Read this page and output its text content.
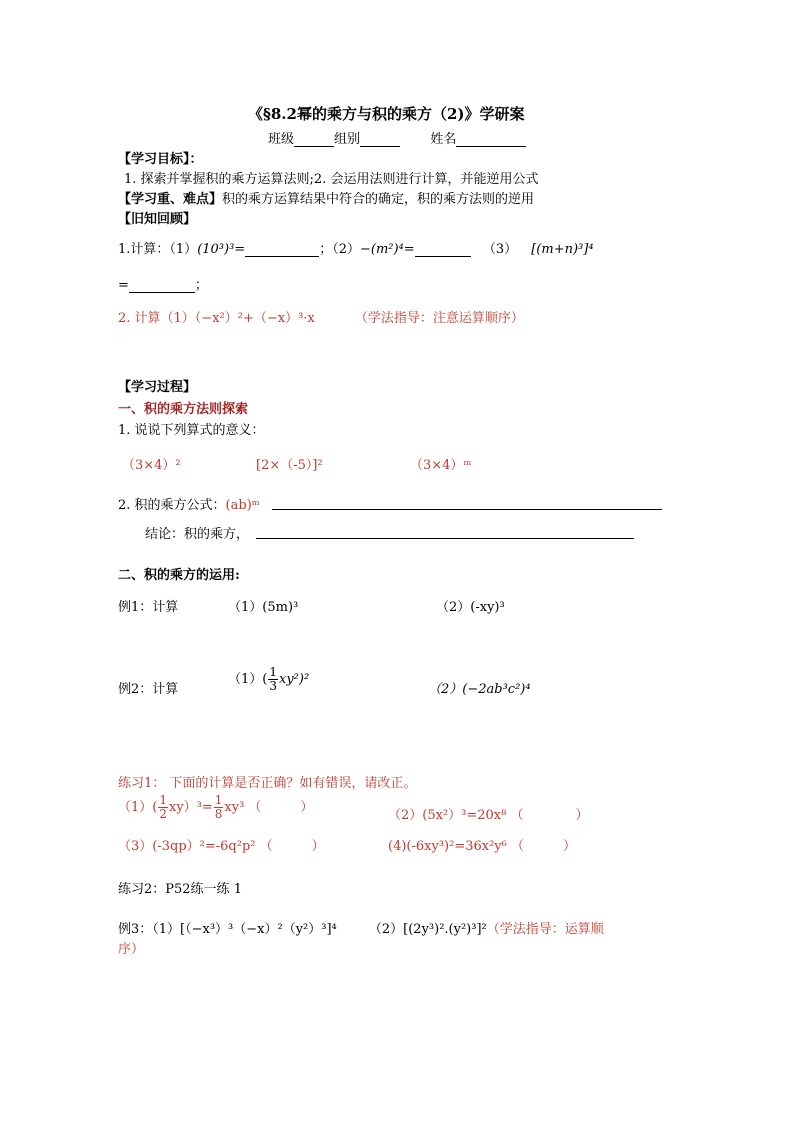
《§8.2幂的乘方与积的乘方（2)》学研案
班级	组别	姓名
【学习目标】：
1. 探索并掌握积的乘方运算法则;2. 会运用法则进行计算，并能逆用公式
【学习重、难点】积的乘方运算结果中符合的确定，积的乘方法则的逆用
【旧知回顾】
1.计算：（1）(10³)³=	；（2）−(m²)⁴=	（3） [(m+n)³]⁴
=	；
2. 计算（1）（−x²）²+（−x）³·x	（学法指导：注意运算顺序）
【学习过程】
一、积的乘方法则探索
1. 说说下列算式的意义：
（3×4）²	[2×（-5）]²	（3×4）ᵐ
2. 积的乘方公式：(ab)ᵐ
结论：积的乘方，
二、积的乘方的运用:
例1：计算	（1）(5m)³	（2）(-xy)³
例2：计算
$(1)( \frac{1}{3} xy^2)^2$
（2）(−2ab³c²)⁴
练习1： 下面的计算是否正确？如有错误，请改正。
$(1)( \frac{1}{2} xy)^3= \frac{1}{8} xy^3$ （　　　）
（2）(5x²）³=20x⁸ （　　　　）
（3）(-3qp）²=-6q²p² （　　　）	(4)(-6xy³)²=36x²y⁶ （　　　）
练习2：P52练一练 1
例3：（1）[（−x³）³（−x）²（y²）³]⁴ （2）[(2y³)².(y²)³]²（学法指导：运算顺
序）
